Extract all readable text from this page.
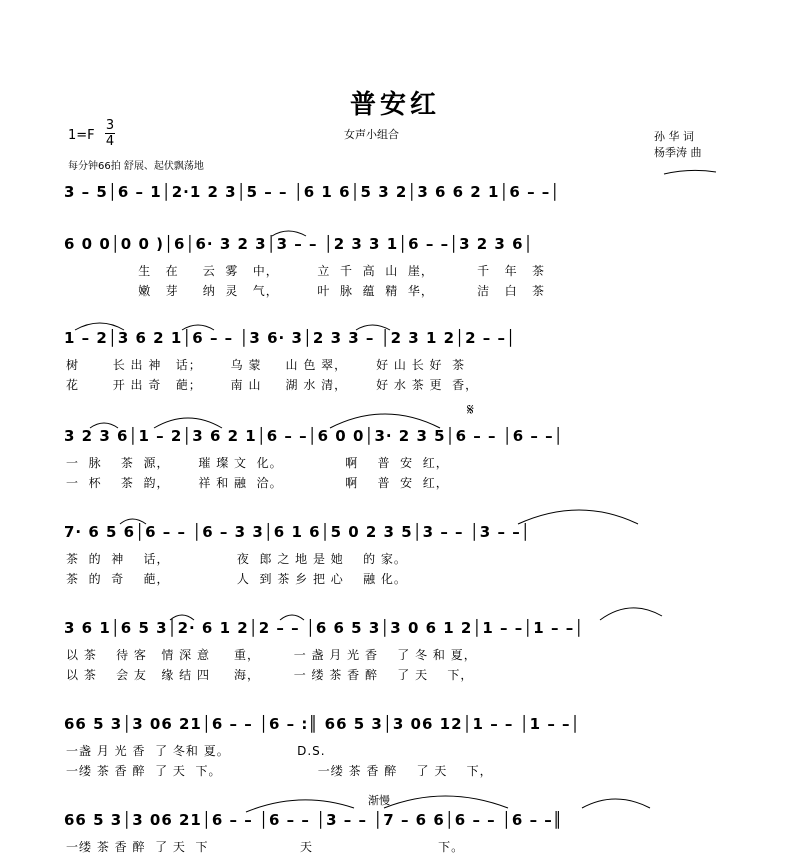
普安红
女声小组合
1=F
3
4
每分钟66拍 舒展、起伏飘荡地
孙 华 词
杨季涛 曲
3 – 5│6 – 1│2·1 2 3│5 – – │6 1 6│5 3 2│3 6 6 2 1│6 – –│
6 0 0│0 0 )│6│6· 3 2 3│3 – – │2 3 3 1│6 – –│3 2 3 6│
生   在     云  雾   中，        立  千  高  山  崖，         千   年   茶
嫩   芽     纳  灵   气，        叶  脉  蕴  精  华，         洁   白   茶
1 – 2│3 6 2 1│6 – – │3 6· 3│2 3 3 – │2 3 1 2│2 – –│
树       长 出 神   话；      乌 蒙     山 色 翠，      好 山 长 好  茶
花       开 出 奇   葩；      南 山     湖 水 清，      好 水 茶 更  香，
𝄋
3 2 3 6│1 – 2│3 6 2 1│6 – –│6 0 0│3· 2 3 5│6 – – │6 – –│
一  脉    茶  源，      璀 璨 文  化。             啊    普  安  红，
一  杯    茶  韵，      祥 和 融  洽。             啊    普  安  红，
7· 6 5 6│6 – – │6 – 3 3│6 1 6│5 0 2 3 5│3 – – │3 – –│
茶  的  神    话，              夜  郎 之 地 是 她    的 家。
茶  的  奇    葩，              人  到 茶 乡 把 心    融 化。
3 6 1│6 5 3│2· 6 1 2│2 – – │6 6 5 3│3 0 6 1 2│1 – –│1 – –│
以 茶    待 客   情 深 意     重，       一 盏 月 光 香    了 冬 和 夏，
以 茶    会 友   缘 结 四     海，       一 缕 茶 香 醉    了 天    下，
66 5 3│3 06 21│6 – – │6 – :║ 66 5 3│3 06 12│1 – – │1 – –│
一盏 月 光 香  了 冬和 夏。              D.S.
一缕 茶 香 醉  了 天  下。                    一缕 茶 香 醉    了 天    下，
渐慢
66 5 3│3 06 21│6 – – │6 – – │3 – – │7 – 6 6│6 – – │6 – –║
一缕 茶 香 醉  了 天  下                   天                          下。
